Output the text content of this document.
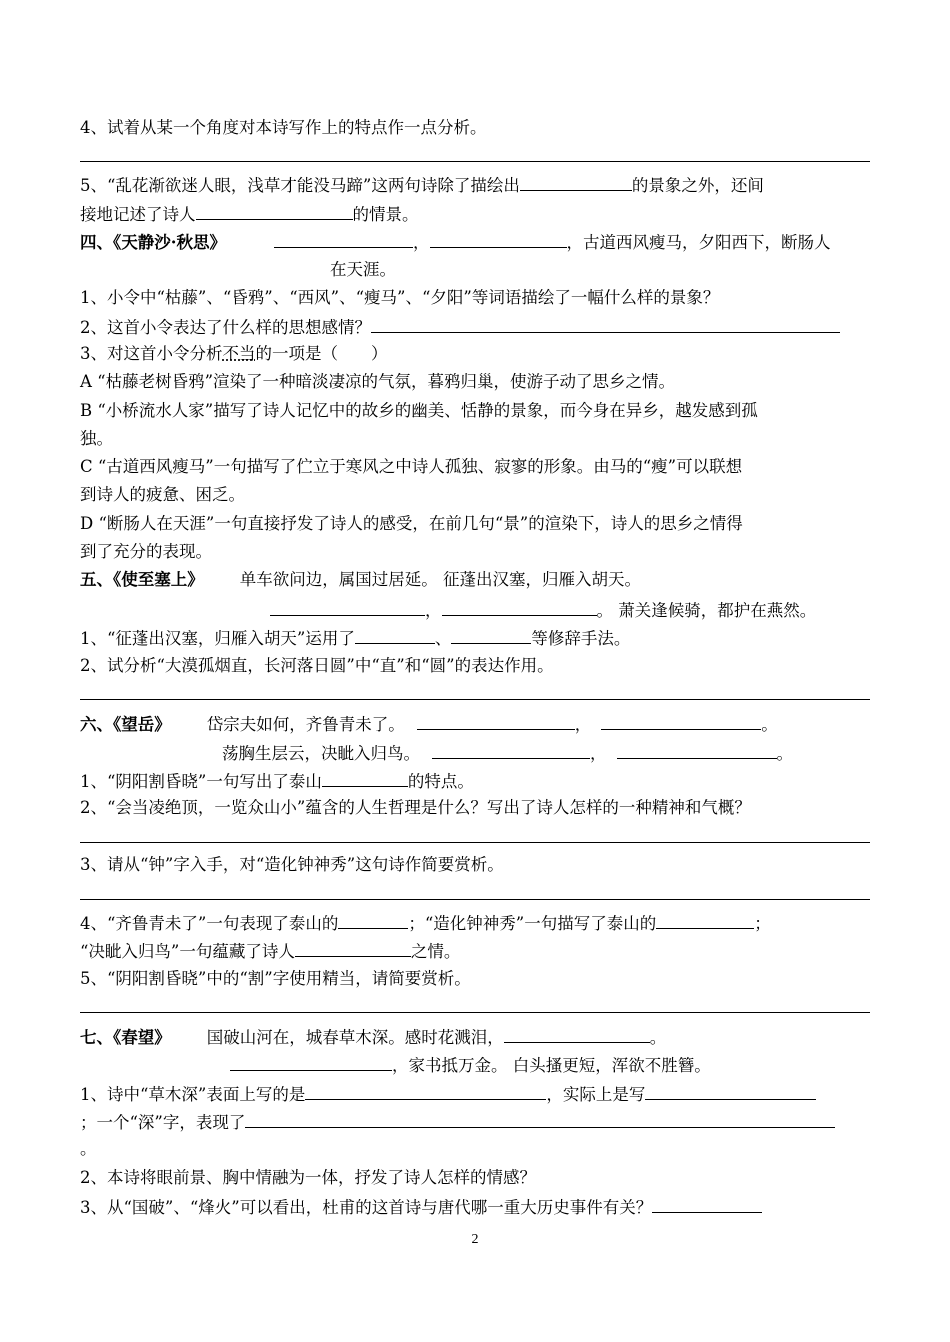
4、试着从某一个角度对本诗写作上的特点作一点分析。
5、“乱花渐欲迷人眼，浅草才能没马蹄”这两句诗除了描绘出	的景象之外，还间
接地记述了诗人	的情景。
四、《天静沙·秋思》	，	，古道西风瘦马，夕阳西下，断肠人
在天涯。
1、小令中“枯藤”、“昏鸦”、“西风”、“瘦马”、“夕阳”等词语描绘了一幅什么样的景象？
2、这首小令表达了什么样的思想感情？
3、对这首小令分析不当的一项是（　　）
A “枯藤老树昏鸦”渲染了一种暗淡凄凉的气氛，暮鸦归巢，使游子动了思乡之情。
B “小桥流水人家”描写了诗人记忆中的故乡的幽美、恬静的景象，而今身在异乡，越发感到孤
独。
C “古道西风瘦马”一句描写了伫立于寒风之中诗人孤独、寂寥的形象。由马的“瘦”可以联想
到诗人的疲惫、困乏。
D “断肠人在天涯”一句直接抒发了诗人的感受，在前几句“景”的渲染下，诗人的思乡之情得
到了充分的表现。
五、《使至塞上》 单车欲问边，属国过居延。 征蓬出汉塞，归雁入胡天。
，	。 萧关逢候骑，都护在燕然。
1、“征蓬出汉塞，归雁入胡天”运用了	、	等修辞手法。
2、试分析“大漠孤烟直，长河落日圆”中“直”和“圆”的表达作用。
六、《望岳》 岱宗夫如何，齐鲁青未了。	，	。
荡胸生层云，决眦入归鸟。	，	。
1、“阴阳割昏晓”一句写出了泰山	的特点。
2、“会当凌绝顶，一览众山小”蕴含的人生哲理是什么？写出了诗人怎样的一种精神和气概？
3、请从“钟”字入手，对“造化钟神秀”这句诗作简要赏析。
4、“齐鲁青未了”一句表现了泰山的	；“造化钟神秀”一句描写了泰山的	；
“决眦入归鸟”一句蕴藏了诗人	之情。
5、“阴阳割昏晓”中的“割”字使用精当，请简要赏析。
七、《春望》 国破山河在，城春草木深。感时花溅泪，	。
，家书抵万金。 白头搔更短，浑欲不胜簪。
1、诗中“草木深”表面上写的是	，实际上是写
；一个“深”字，表现了
。
2、本诗将眼前景、胸中情融为一体，抒发了诗人怎样的情感？
3、从“国破”、“烽火”可以看出，杜甫的这首诗与唐代哪一重大历史事件有关？
2
